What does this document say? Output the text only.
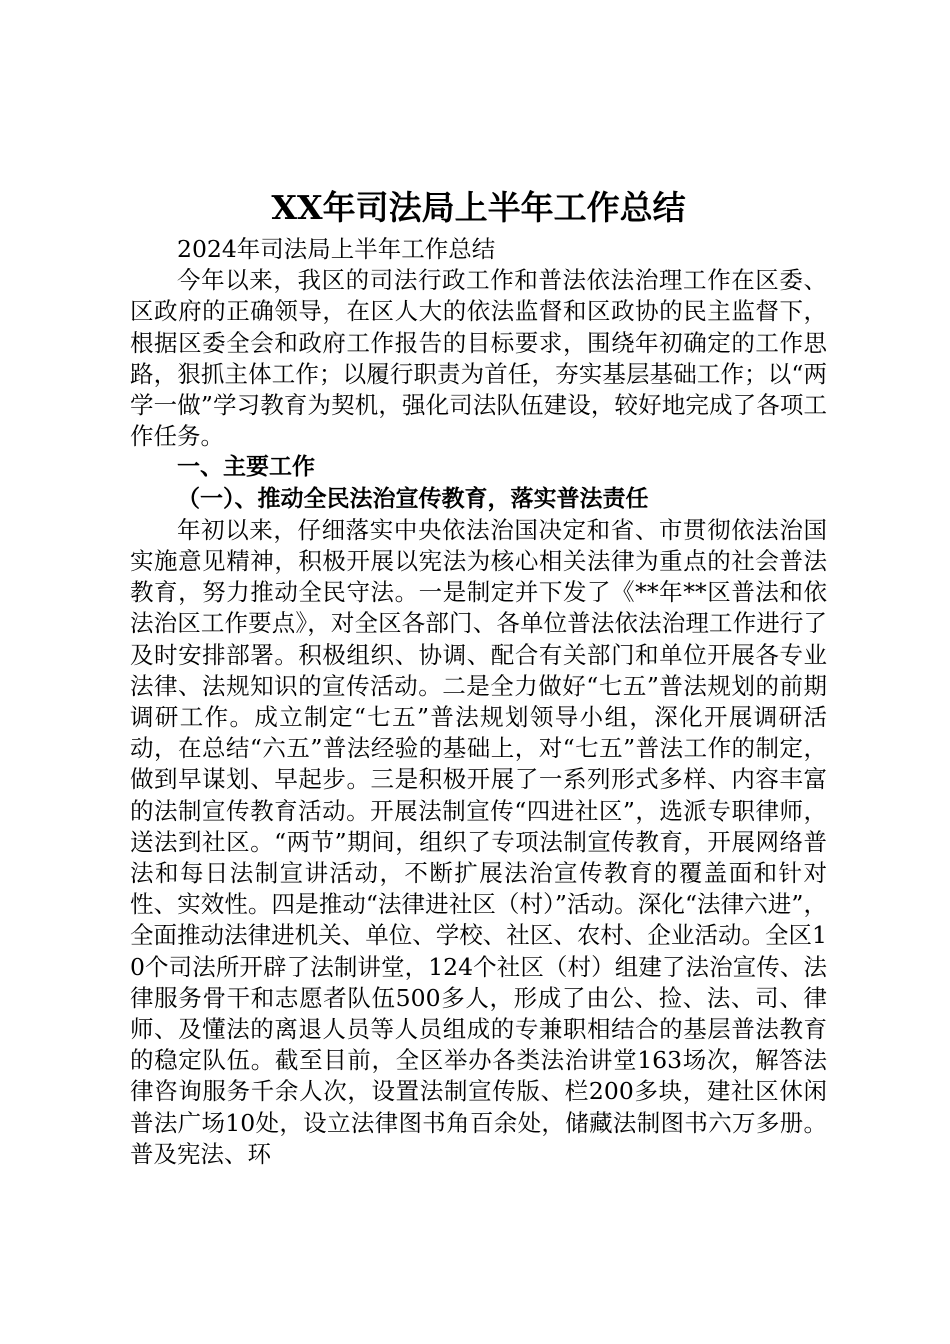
XX年司法局上半年工作总结

2024年司法局上半年工作总结

今年以来，我区的司法行政工作和普法依法治理工作在区委、区政府的正确领导，在区人大的依法监督和区政协的民主监督下，根据区委全会和政府工作报告的目标要求，围绕年初确定的工作思路，狠抓主体工作；以履行职责为首任，夯实基层基础工作；以“两学一做”学习教育为契机，强化司法队伍建设，较好地完成了各项工作任务。

一、主要工作

（一）、推动全民法治宣传教育，落实普法责任

年初以来，仔细落实中央依法治国决定和省、市贯彻依法治国实施意见精神，积极开展以宪法为核心相关法律为重点的社会普法教育，努力推动全民守法。一是制定并下发了《**年**区普法和依法治区工作要点》，对全区各部门、各单位普法依法治理工作进行了及时安排部署。积极组织、协调、配合有关部门和单位开展各专业法律、法规知识的宣传活动。二是全力做好“七五”普法规划的前期调研工作。成立制定“七五”普法规划领导小组，深化开展调研活动，在总结“六五”普法经验的基础上，对“七五”普法工作的制定，做到早谋划、早起步。三是积极开展了一系列形式多样、内容丰富的法制宣传教育活动。开展法制宣传“四进社区”，选派专职律师，送法到社区。“两节”期间，组织了专项法制宣传教育，开展网络普法和每日法制宣讲活动，不断扩展法治宣传教育的覆盖面和针对性、实效性。四是推动“法律进社区（村）”活动。深化“法律六进”，全面推动法律进机关、单位、学校、社区、农村、企业活动。全区10个司法所开辟了法制讲堂，124个社区（村）组建了法治宣传、法律服务骨干和志愿者队伍500多人，形成了由公、捡、法、司、律师、及懂法的离退人员等人员组成的专兼职相结合的基层普法教育的稳定队伍。截至目前，全区举办各类法治讲堂163场次，解答法律咨询服务千余人次，设置法制宣传版、栏200多块，建社区休闲普法广场10处，设立法律图书角百余处，储藏法制图书六万多册。普及宪法、环
